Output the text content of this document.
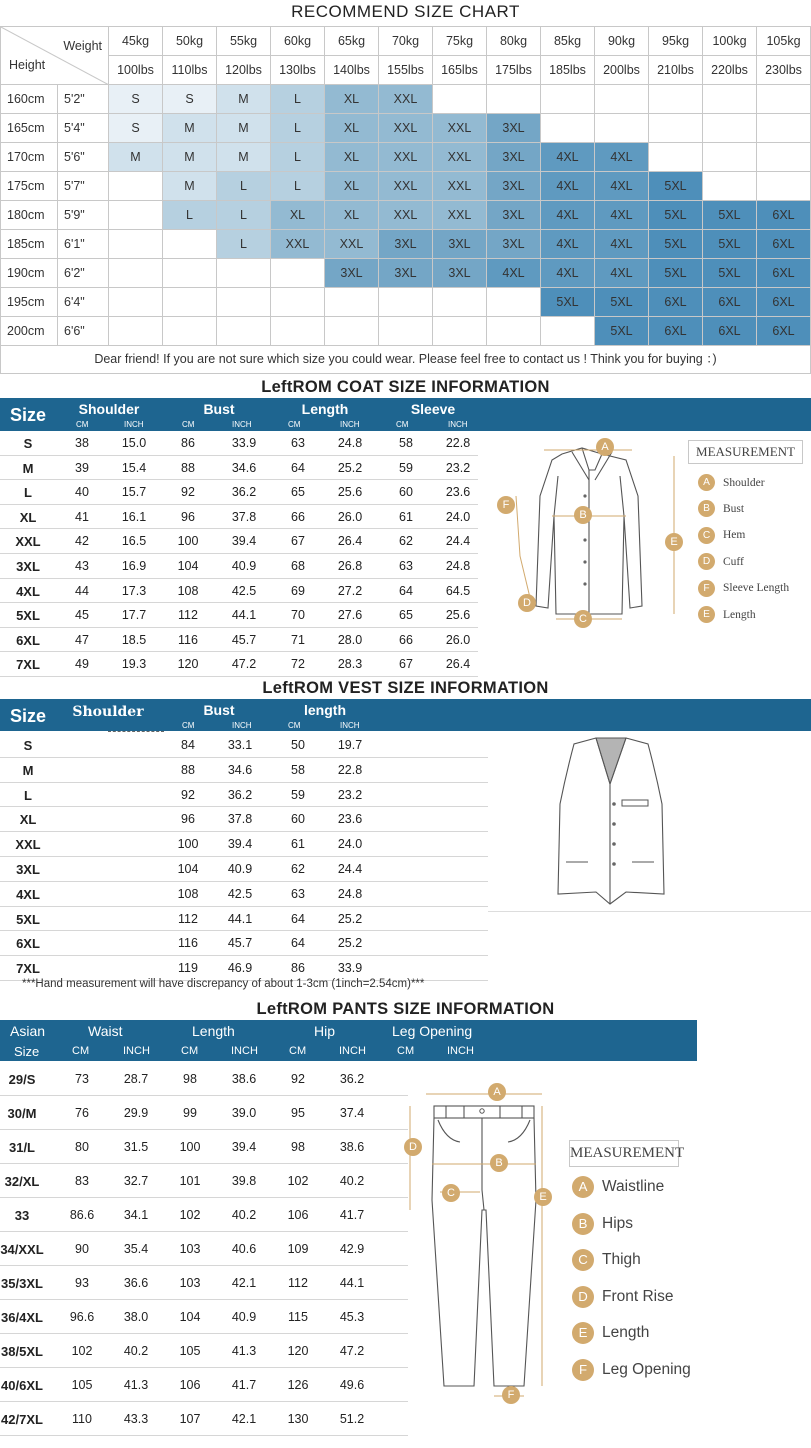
RECOMMEND SIZE CHART
Weight
Height		45kg	50kg	55kg	60kg	65kg	70kg	75kg	80kg	85kg	90kg	95kg	100kg	105kg
		100lbs	110lbs	120lbs	130lbs	140lbs	155lbs	165lbs	175lbs	185lbs	200lbs	210lbs	220lbs	230lbs
160cm	5'2"	S	S	M	L	XL	XXL							
165cm	5'4"	S	M	M	L	XL	XXL	XXL	3XL					
170cm	5'6"	M	M	M	L	XL	XXL	XXL	3XL	4XL	4XL			
175cm	5'7"		M	L	L	XL	XXL	XXL	3XL	4XL	4XL	5XL		
180cm	5'9"		L	L	XL	XL	XXL	XXL	3XL	4XL	4XL	5XL	5XL	6XL
185cm	6'1"			L	XXL	XXL	3XL	3XL	3XL	4XL	4XL	5XL	5XL	6XL
190cm	6'2"					3XL	3XL	3XL	4XL	4XL	4XL	5XL	5XL	6XL
195cm	6'4"									5XL	5XL	6XL	6XL	6XL
200cm	6'6"										5XL	6XL	6XL	6XL
Dear friend! If you are not sure which size you could wear. Please feel free to contact us ! Think you for buying ：)
LeftROM COAT SIZE INFORMATION
Size	Shoulder	Bust	Length	Sleeve
CM	INCH	CM	INCH	CM	INCH	CM	INCH
S	38	15.0	86	33.9	63	24.8	58	22.8
M	39	15.4	88	34.6	64	25.2	59	23.2
L	40	15.7	92	36.2	65	25.6	60	23.6
XL	41	16.1	96	37.8	66	26.0	61	24.0
XXL	42	16.5	100	39.4	67	26.4	62	24.4
3XL	43	16.9	104	40.9	68	26.8	63	24.8
4XL	44	17.3	108	42.5	69	27.2	64	64.5
5XL	45	17.7	112	44.1	70	27.6	65	25.6
6XL	47	18.5	116	45.7	71	28.0	66	26.0
7XL	49	19.3	120	47.2	72	28.3	67	26.4
A
B
C
D
E
F
MEASUREMENT
A	Shoulder
B	Bust
C	Hem
D	Cuff
F	Sleeve Length
E	Length
LeftROM VEST SIZE INFORMATION
Size Shoulder	Bust	length
CM	INCH	CM	INCH
S	84	33.1	50	19.7
M	88	34.6	58	22.8
L	92	36.2	59	23.2
XL	96	37.8	60	23.6
XXL	100	39.4	61	24.0
3XL	104	40.9	62	24.4
4XL	108	42.5	63	24.8
5XL	112	44.1	64	25.2
6XL	116	45.7	64	25.2
7XL	119	46.9	86	33.9
***Hand measurement will have discrepancy of about 1-3cm (1inch=2.54cm)***
LeftROM PANTS SIZE INFORMATION
Asian
Size
Waist	Length	Hip	Leg Opening
CM	INCH	CM	INCH	CM	INCH	CM	INCH
29/S	73	28.7	98	38.6	92	36.2
30/M	76	29.9	99	39.0	95	37.4
31/L	80	31.5	100	39.4	98	38.6
32/XL	83	32.7	101	39.8	102	40.2
33	86.6	34.1	102	40.2	106	41.7
34/XXL	90	35.4	103	40.6	109	42.9
35/3XL	93	36.6	103	42.1	112	44.1
36/4XL	96.6	38.0	104	40.9	115	45.3
38/5XL	102	40.2	105	41.3	120	47.2
40/6XL	105	41.3	106	41.7	126	49.6
42/7XL	110	43.3	107	42.1	130	51.2
A
B
C
D
E
F
MEASUREMENT
A Waistline
B Hips
C Thigh
D Front Rise
E Length
F Leg Opening
